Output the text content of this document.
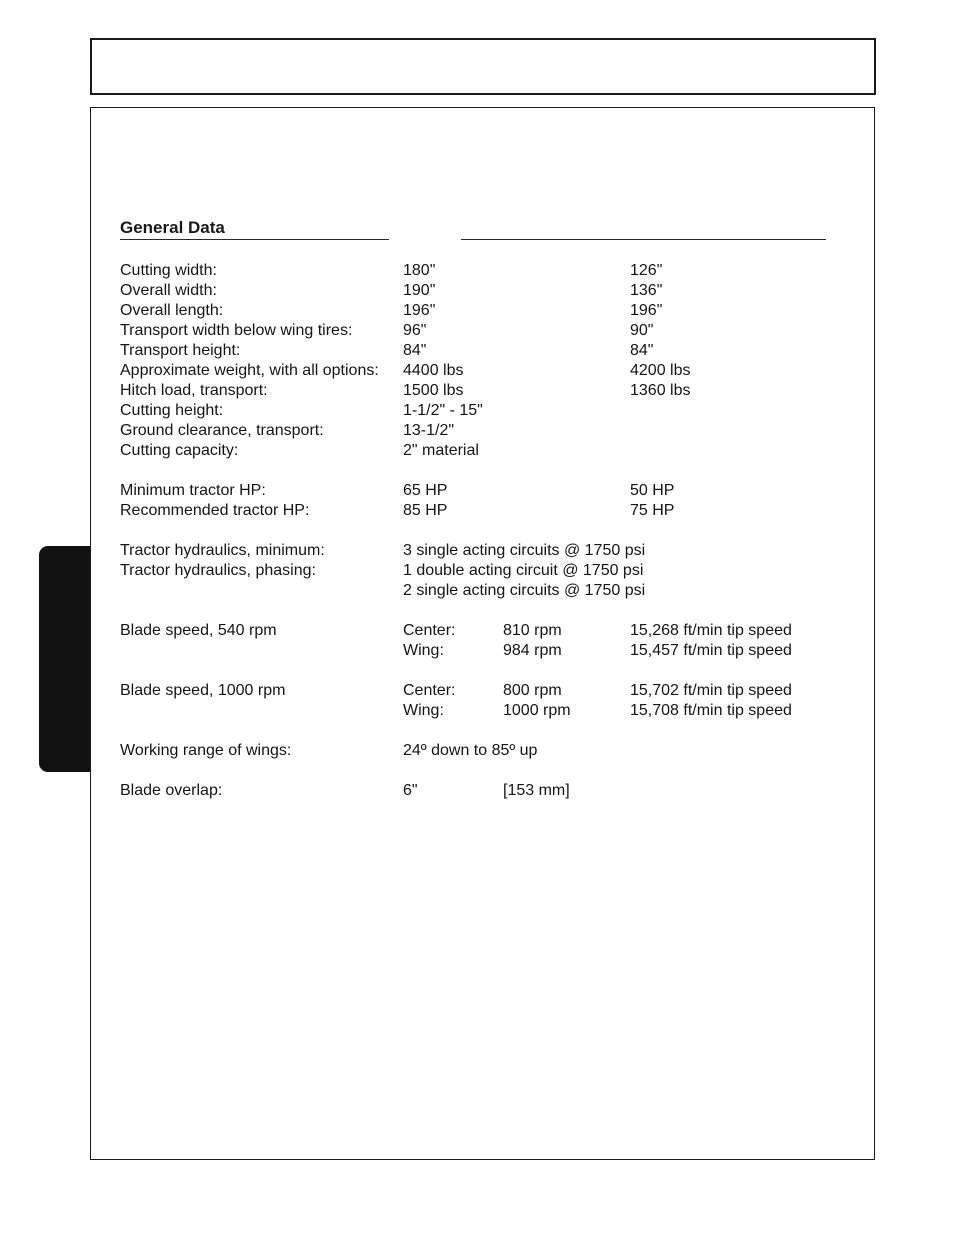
General Data
Cutting width:	180"	126"
Overall width:	190"	136"
Overall length:	196"	196"
Transport width below wing tires:	96"	90"
Transport height:	84"	84"
Approximate weight, with all options: 4400 lbs	4200 lbs
Hitch load, transport:	1500 lbs	1360 lbs
Cutting height:	1-1/2" - 15"
Ground clearance, transport:	13-1/2"
Cutting capacity:	2" material
Minimum tractor HP:	65 HP	50 HP
Recommended tractor HP:	85 HP	75 HP
Tractor hydraulics, minimum:	3 single acting circuits @ 1750 psi
Tractor hydraulics, phasing:	1 double acting circuit @ 1750 psi
2 single acting circuits @ 1750 psi
Blade speed, 540 rpm	Center:	810 rpm	15,268 ft/min tip speed
Wing:	984 rpm	15,457 ft/min tip speed
Blade speed, 1000 rpm	Center:	800 rpm	15,702 ft/min tip speed
Wing:	1000 rpm	15,708 ft/min tip speed
Working range of wings:	24º down to 85º up
Blade overlap:	6"	[153 mm]
